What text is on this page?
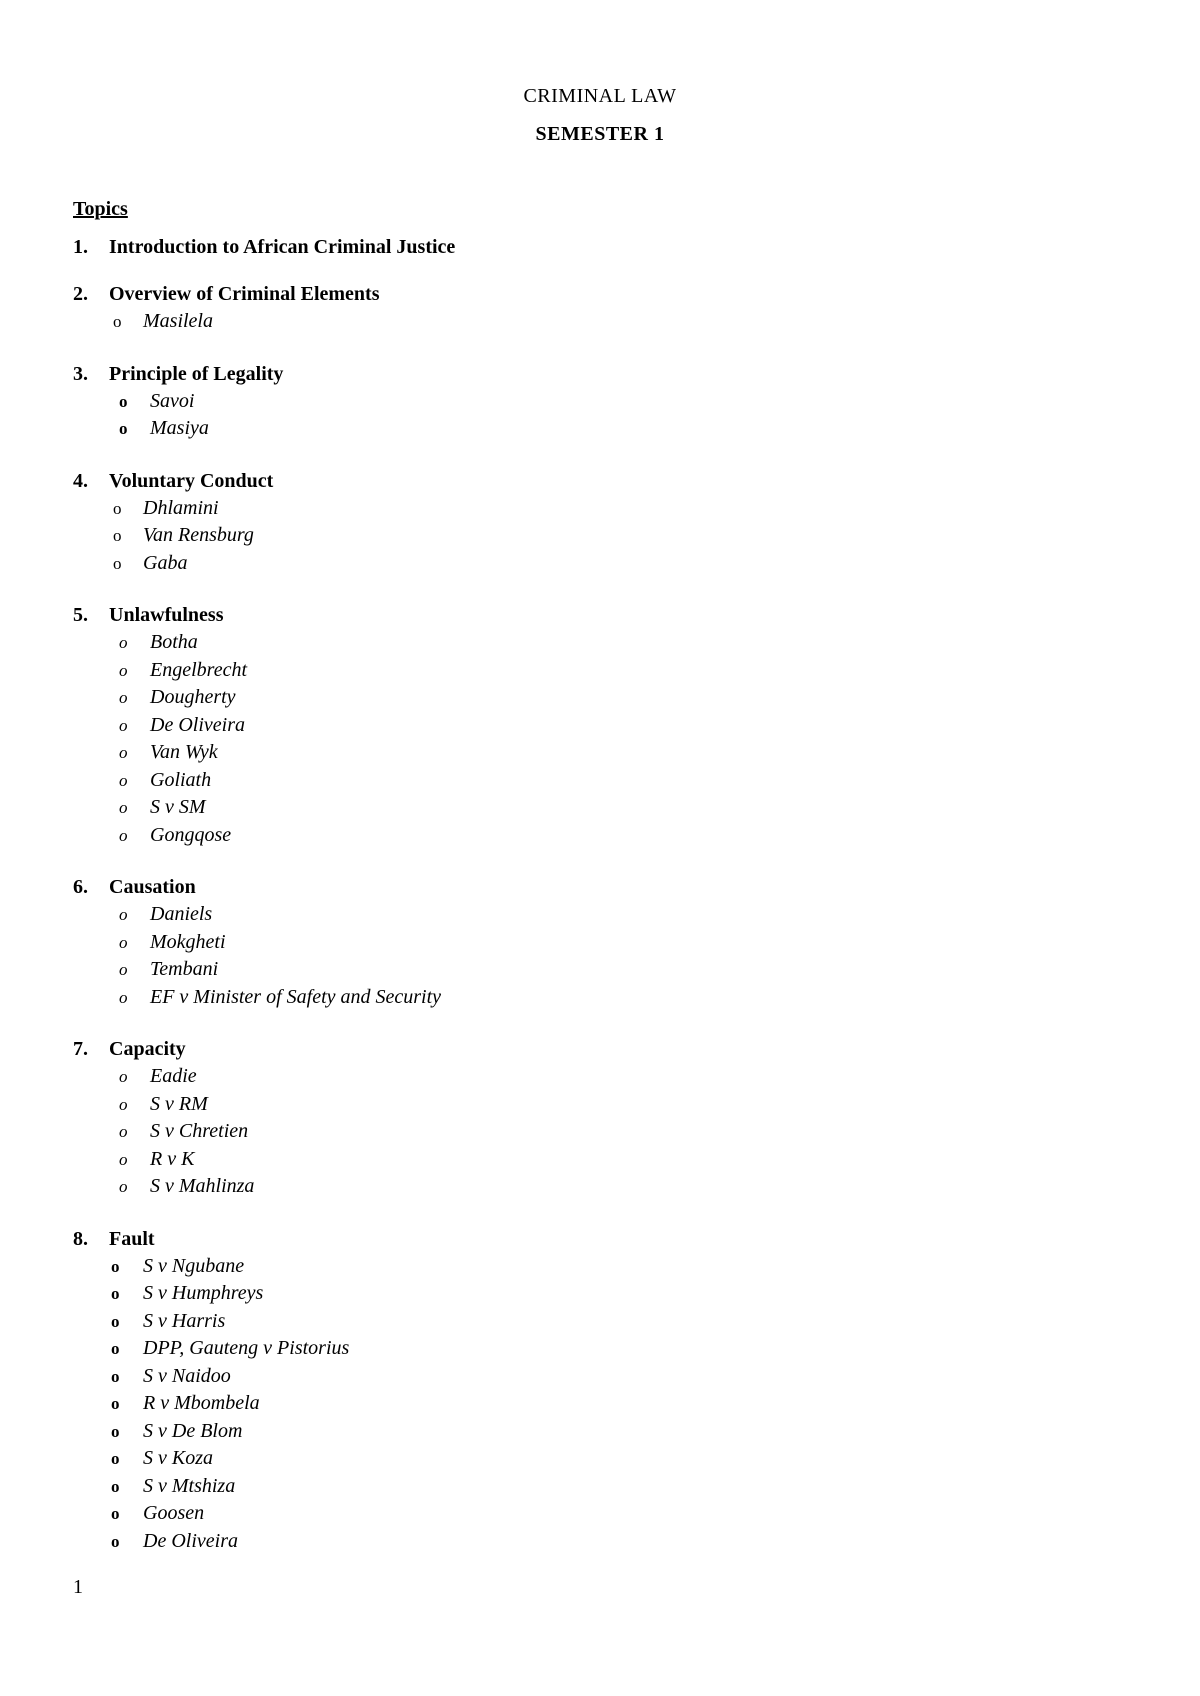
CRIMINAL LAW
SEMESTER 1
Topics
1.	Introduction to African Criminal Justice
2.	Overview of Criminal Elements
o Masilela
3.	Principle of Legality
o Savoi
o Masiya
4.	Voluntary Conduct
o Dhlamini
o Van Rensburg
o Gaba
5.	Unlawfulness
o Botha
o Engelbrecht
o Dougherty
o De Oliveira
o Van Wyk
o Goliath
o S v SM
o Gongqose
6.	Causation
o Daniels
o Mokgheti
o Tembani
o EF v Minister of Safety and Security
7.	Capacity
o Eadie
o S v RM
o S v Chretien
o R v K
o S v Mahlinza
8.	Fault
o S v Ngubane
o S v Humphreys
o S v Harris
o DPP, Gauteng v Pistorius
o S v Naidoo
o R v Mbombela
o S v De Blom
o S v Koza
o S v Mtshiza
o Goosen
o De Oliveira
1
